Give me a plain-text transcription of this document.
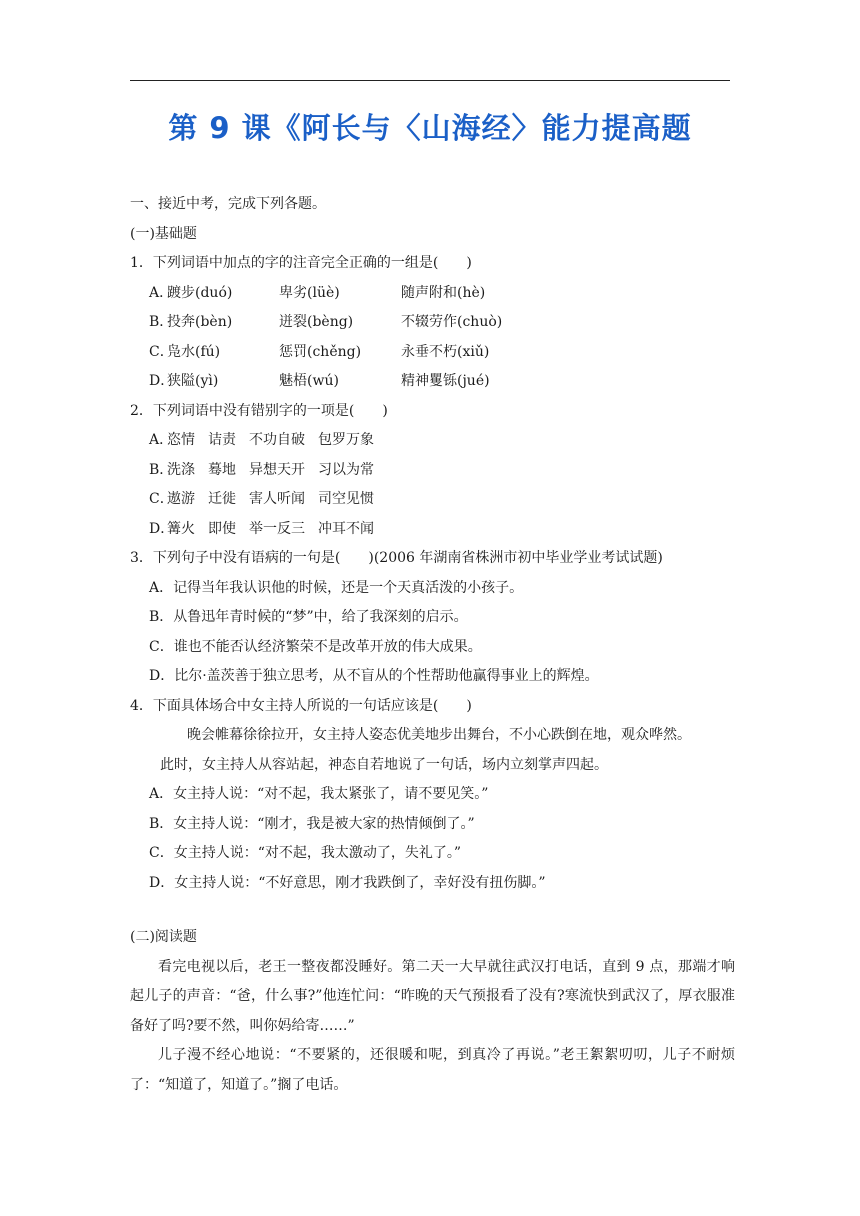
第 9 课《阿长与〈山海经〉能力提高题
一、接近中考，完成下列各题。
(一)基础题
1．下列词语中加点的字的注音完全正确的一组是(　　)
A．
踱步(duó)	卑劣(lüè)	随声附和(hè)
B．
投奔(bèn)	迸裂(bèng)	不辍劳作(chuò)
C．
凫水(fú)	惩罚(chěng)	永垂不朽(xiǔ)
D．
狭隘(yì)	魅梧(wú)	精神矍铄(jué)
2．下列词语中没有错别字的一项是(　　)
A．
恣情 诘责 不功自破 包罗万象
B．
洗涤 蓦地 异想天开 习以为常
C．
遨游 迁徙 害人听闻 司空见惯
D．
篝火 即使 举一反三 冲耳不闻
3．下列句子中没有语病的一句是(　　)(2006 年湖南省株洲市初中毕业学业考试试题)
A．记得当年我认识他的时候，还是一个天真活泼的小孩子。
B．从鲁迅年青时候的“梦”中，给了我深刻的启示。
C．谁也不能否认经济繁荣不是改革开放的伟大成果。
D．比尔·盖茨善于独立思考，从不盲从的个性帮助他赢得事业上的辉煌。
4．下面具体场合中女主持人所说的一句话应该是(　　)
晚会帷幕徐徐拉开，女主持人姿态优美地步出舞台，不小心跌倒在地，观众哗然。
此时，女主持人从容站起，神态自若地说了一句话，场内立刻掌声四起。
A．女主持人说：“对不起，我太紧张了，请不要见笑。”
B．女主持人说：“刚才，我是被大家的热情倾倒了。”
C．女主持人说：“对不起，我太激动了，失礼了。”
D．女主持人说：“不好意思，刚才我跌倒了，幸好没有扭伤脚。”
(二)阅读题
看完电视以后，老王一整夜都没睡好。第二天一大早就往武汉打电话，直到 9 点，那端才响起儿子的声音：“爸，什么事?”他连忙问：“昨晚的天气预报看了没有?寒流快到武汉了，厚衣服准备好了吗?要不然，叫你妈给寄……”
儿子漫不经心地说：“不要紧的，还很暖和呢，到真冷了再说。”老王絮絮叨叨，儿子不耐烦了：“知道了，知道了。”搁了电话。
